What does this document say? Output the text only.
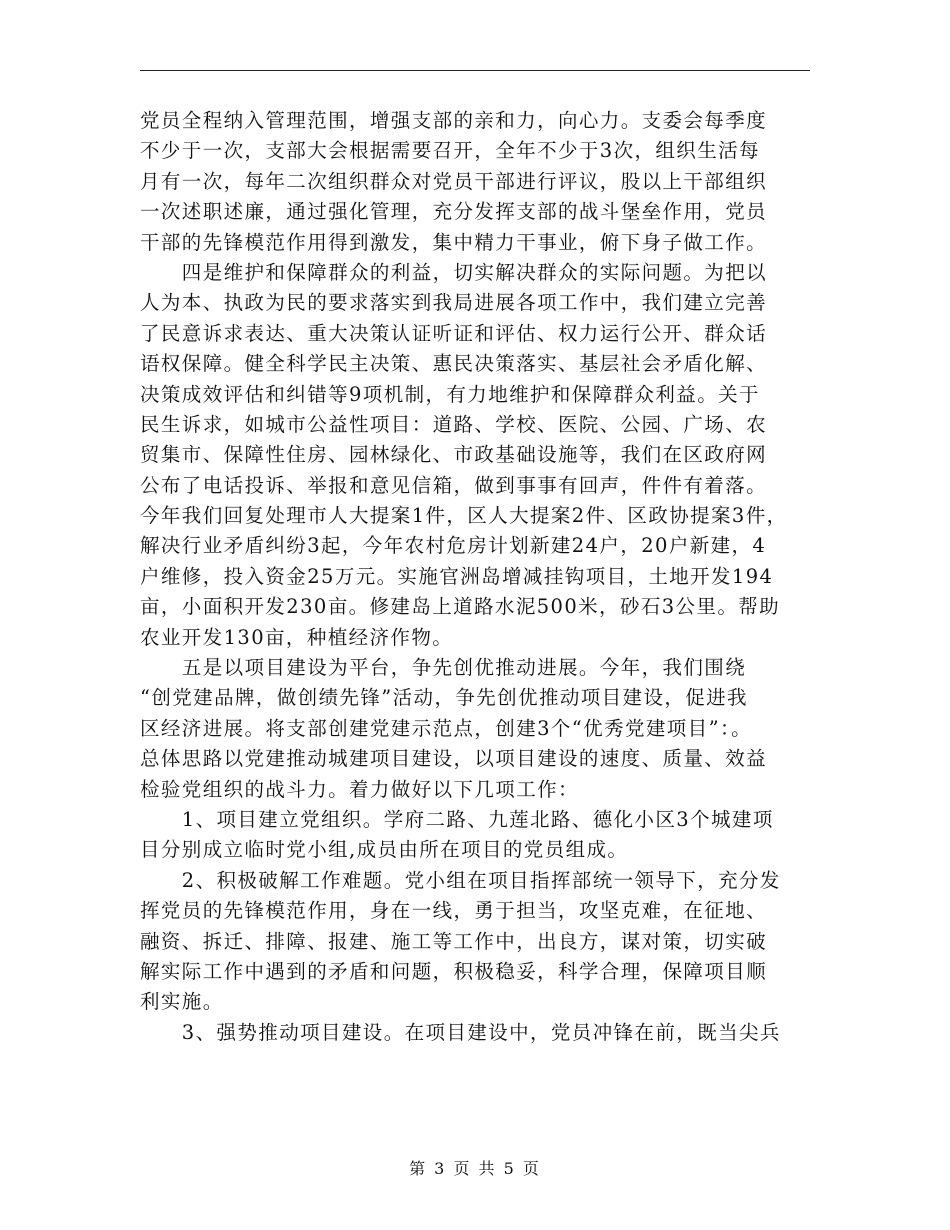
党员全程纳入管理范围，增强支部的亲和力，向心力。支委会每季度
不少于一次，支部大会根据需要召开，全年不少于3次，组织生活每
月有一次，每年二次组织群众对党员干部进行评议，股以上干部组织
一次述职述廉，通过强化管理，充分发挥支部的战斗堡垒作用，党员
干部的先锋模范作用得到激发，集中精力干事业，俯下身子做工作。
　　四是维护和保障群众的利益，切实解决群众的实际问题。为把以
人为本、执政为民的要求落实到我局进展各项工作中，我们建立完善
了民意诉求表达、重大决策认证听证和评估、权力运行公开、群众话
语权保障。健全科学民主决策、惠民决策落实、基层社会矛盾化解、
决策成效评估和纠错等9项机制，有力地维护和保障群众利益。关于
民生诉求，如城市公益性项目：道路、学校、医院、公园、广场、农
贸集市、保障性住房、园林绿化、市政基础设施等，我们在区政府网
公布了电话投诉、举报和意见信箱，做到事事有回声，件件有着落。
今年我们回复处理市人大提案1件，区人大提案2件、区政协提案3件，
解决行业矛盾纠纷3起，今年农村危房计划新建24户，20户新建，4
户维修，投入资金25万元。实施官洲岛增减挂钩项目，土地开发194
亩，小面积开发230亩。修建岛上道路水泥500米，砂石3公里。帮助
农业开发130亩，种植经济作物。
　　五是以项目建设为平台，争先创优推动进展。今年，我们围绕
“创党建品牌，做创绩先锋”活动，争先创优推动项目建设，促进我
区经济进展。将支部创建党建示范点，创建3个“优秀党建项目”：。
总体思路以党建推动城建项目建设，以项目建设的速度、质量、效益
检验党组织的战斗力。着力做好以下几项工作：
　　1、项目建立党组织。学府二路、九莲北路、德化小区3个城建项
目分别成立临时党小组,成员由所在项目的党员组成。
　　2、积极破解工作难题。党小组在项目指挥部统一领导下，充分发
挥党员的先锋模范作用，身在一线，勇于担当，攻坚克难，在征地、
融资、拆迁、排障、报建、施工等工作中，出良方，谋对策，切实破
解实际工作中遇到的矛盾和问题，积极稳妥，科学合理，保障项目顺
利实施。
　　3、强势推动项目建设。在项目建设中，党员冲锋在前，既当尖兵
第 3 页 共 5 页
